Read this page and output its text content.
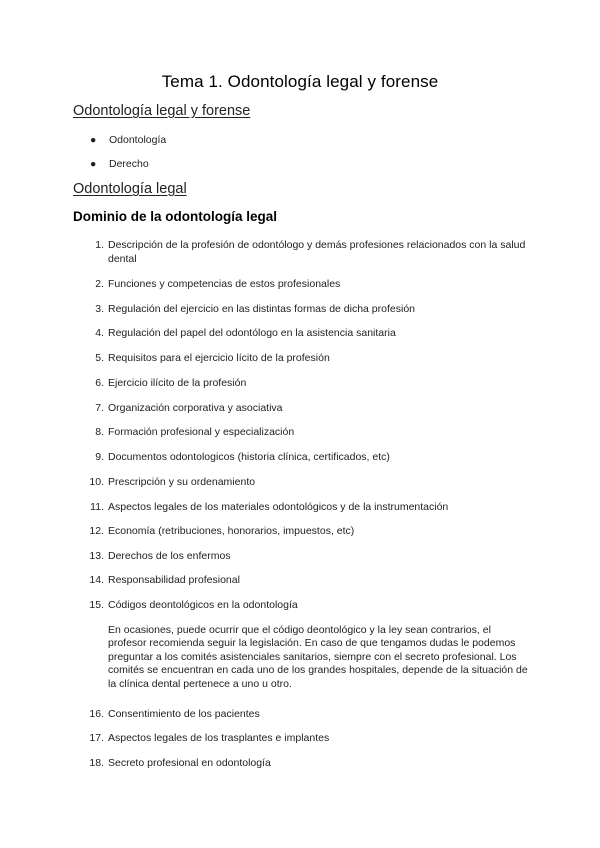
Tema 1. Odontología legal y forense
Odontología legal y forense
●	Odontología
●	Derecho
Odontología legal
Dominio de la odontología legal
1. Descripción de la profesión de odontólogo y demás profesiones relacionados con la salud dental
2. Funciones y competencias de estos profesionales
3. Regulación del ejercicio en las distintas formas de dicha profesión
4. Regulación del papel del odontólogo en la asistencia sanitaria
5. Requisitos para el ejercicio lícito de la profesión
6. Ejercicio ilícito de la profesión
7. Organización corporativa y asociativa
8. Formación profesional y especialización
9. Documentos odontologicos (historia clínica, certificados, etc)
10. Prescripción y su ordenamiento
11. Aspectos legales de los materiales odontológicos y de la instrumentación
12. Economía (retribuciones, honorarios, impuestos, etc)
13. Derechos de los enfermos
14. Responsabilidad profesional
15. Códigos deontológicos en la odontología
En ocasiones, puede ocurrir que el código deontológico y la ley sean contrarios, el profesor recomienda seguir la legislación. En caso de que tengamos dudas le podemos preguntar a los comités asistenciales sanitarios, siempre con el secreto profesional. Los comités se encuentran en cada uno de los grandes hospitales, depende de la situación de la clínica dental pertenece a uno u otro.
16. Consentimiento de los pacientes
17. Aspectos legales de los trasplantes e implantes
18. Secreto profesional en odontología
